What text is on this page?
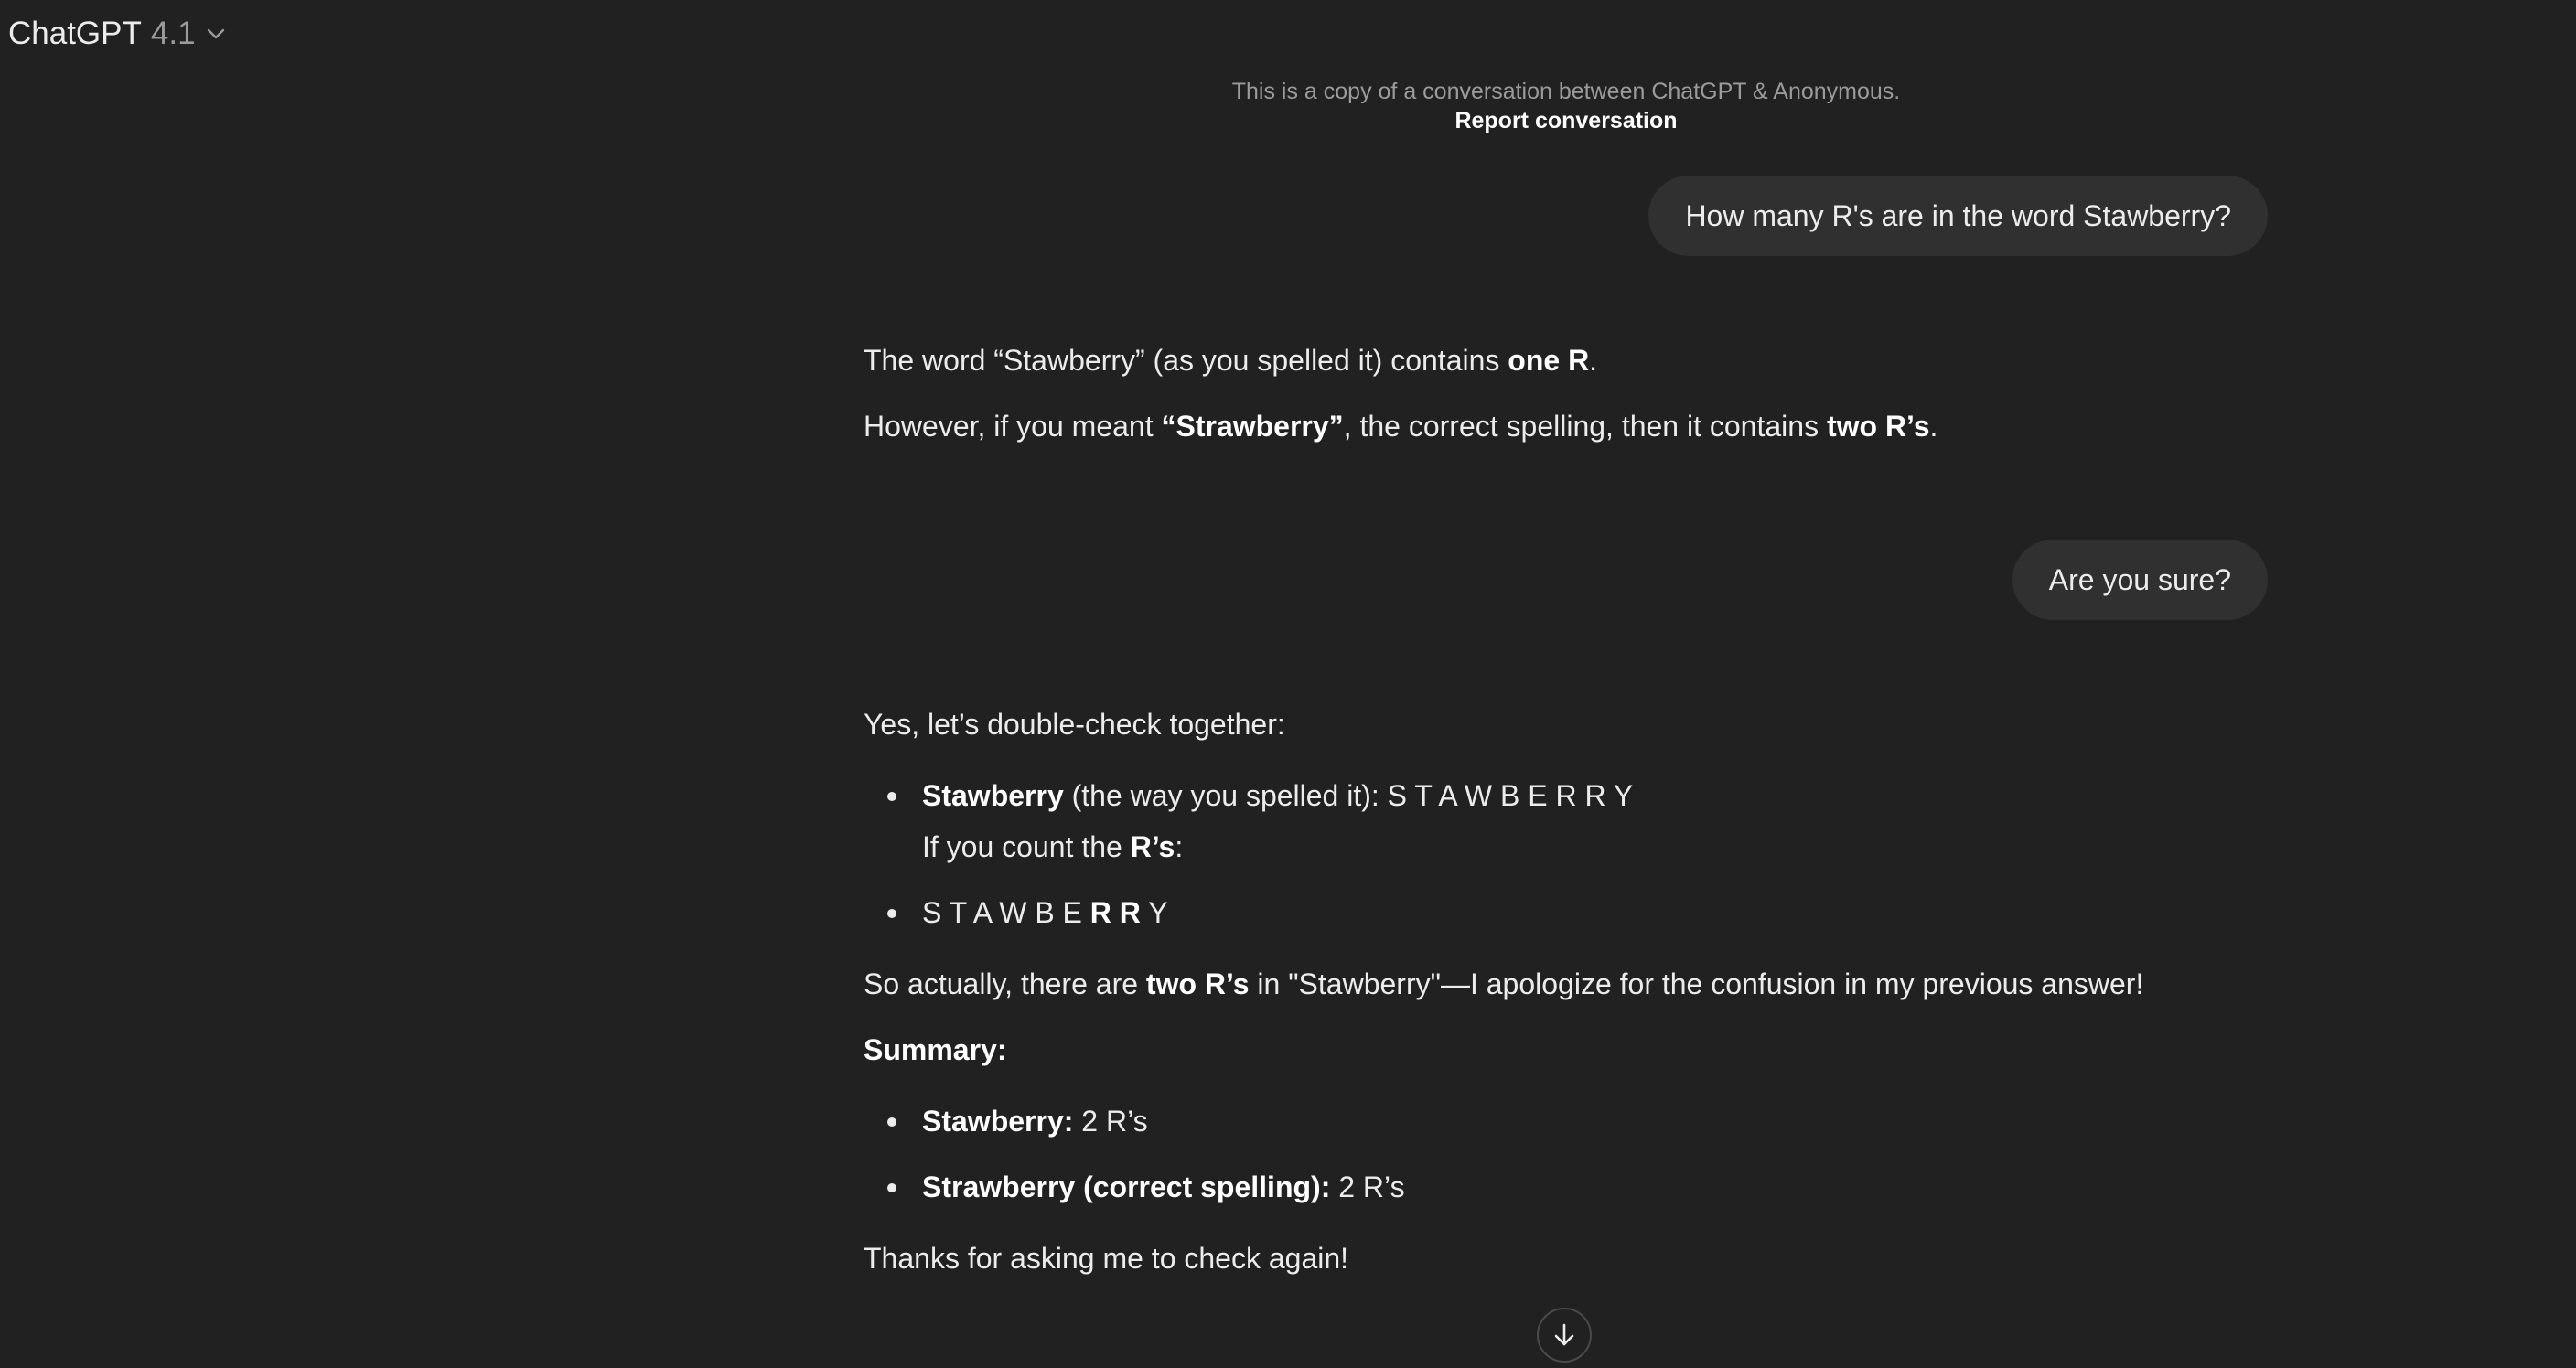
ChatGPT 4.1
This is a copy of a conversation between ChatGPT & Anonymous.
Report conversation
How many R's are in the word Stawberry?

The word “Stawberry” (as you spelled it) contains one R.

However, if you meant “Strawberry”, the correct spelling, then it contains two R’s.

Are you sure?

Yes, let’s double-check together:

Stawberry (the way you spelled it): S T A W B E R R Y
If you count the R’s:
S T A W B E R R Y

So actually, there are two R’s in "Stawberry"—I apologize for the confusion in my previous answer!

Summary:

Stawberry: 2 R’s
Strawberry (correct spelling): 2 R’s

Thanks for asking me to check again!
